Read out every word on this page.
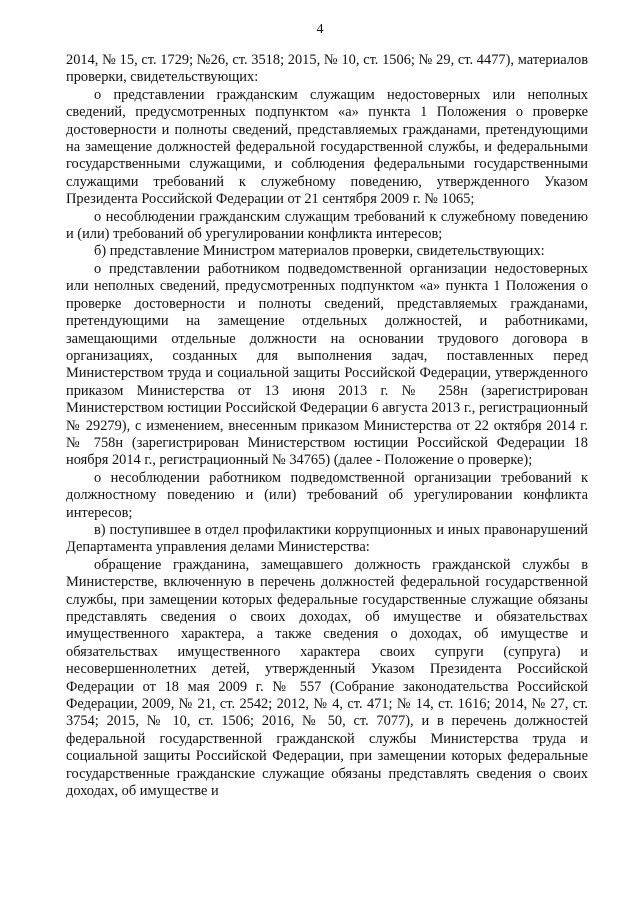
4

2014, № 15, ст. 1729; №26, ст. 3518; 2015, № 10, ст. 1506; № 29, ст. 4477), материалов проверки, свидетельствующих:

о представлении гражданским служащим недостоверных или неполных сведений, предусмотренных подпунктом «а» пункта 1 Положения о проверке достоверности и полноты сведений, представляемых гражданами, претендующими на замещение должностей федеральной государственной службы, и федеральными государственными служащими, и соблюдения федеральными государственными служащими требований к служебному поведению, утвержденного Указом Президента Российской Федерации от 21 сентября 2009 г. № 1065;

о несоблюдении гражданским служащим требований к служебному поведению и (или) требований об урегулировании конфликта интересов;

б) представление Министром материалов проверки, свидетельствующих:

о представлении работником подведомственной организации недостоверных или неполных сведений, предусмотренных подпунктом «а» пункта 1 Положения о проверке достоверности и полноты сведений, представляемых гражданами, претендующими на замещение отдельных должностей, и работниками, замещающими отдельные должности на основании трудового договора в организациях, созданных для выполнения задач, поставленных перед Министерством труда и социальной защиты Российской Федерации, утвержденного приказом Министерства от 13 июня 2013 г. № 258н (зарегистрирован Министерством юстиции Российской Федерации 6 августа 2013 г., регистрационный № 29279), с изменением, внесенным приказом Министерства от 22 октября 2014 г. № 758н (зарегистрирован Министерством юстиции Российской Федерации 18 ноября 2014 г., регистрационный № 34765) (далее - Положение о проверке);

о несоблюдении работником подведомственной организации требований к должностному поведению и (или) требований об урегулировании конфликта интересов;

в) поступившее в отдел профилактики коррупционных и иных правонарушений Департамента управления делами Министерства:

обращение гражданина, замещавшего должность гражданской службы в Министерстве, включенную в перечень должностей федеральной государственной службы, при замещении которых федеральные государственные служащие обязаны представлять сведения о своих доходах, об имуществе и обязательствах имущественного характера, а также сведения о доходах, об имуществе и обязательствах имущественного характера своих супруги (супруга) и несовершеннолетних детей, утвержденный Указом Президента Российской Федерации от 18 мая 2009 г. № 557 (Собрание законодательства Российской Федерации, 2009, № 21, ст. 2542; 2012, № 4, ст. 471; № 14, ст. 1616; 2014, № 27, ст. 3754; 2015, № 10, ст. 1506; 2016, № 50, ст. 7077), и в перечень должностей федеральной государственной гражданской службы Министерства труда и социальной защиты Российской Федерации, при замещении которых федеральные государственные гражданские служащие обязаны представлять сведения о своих доходах, об имуществе и
